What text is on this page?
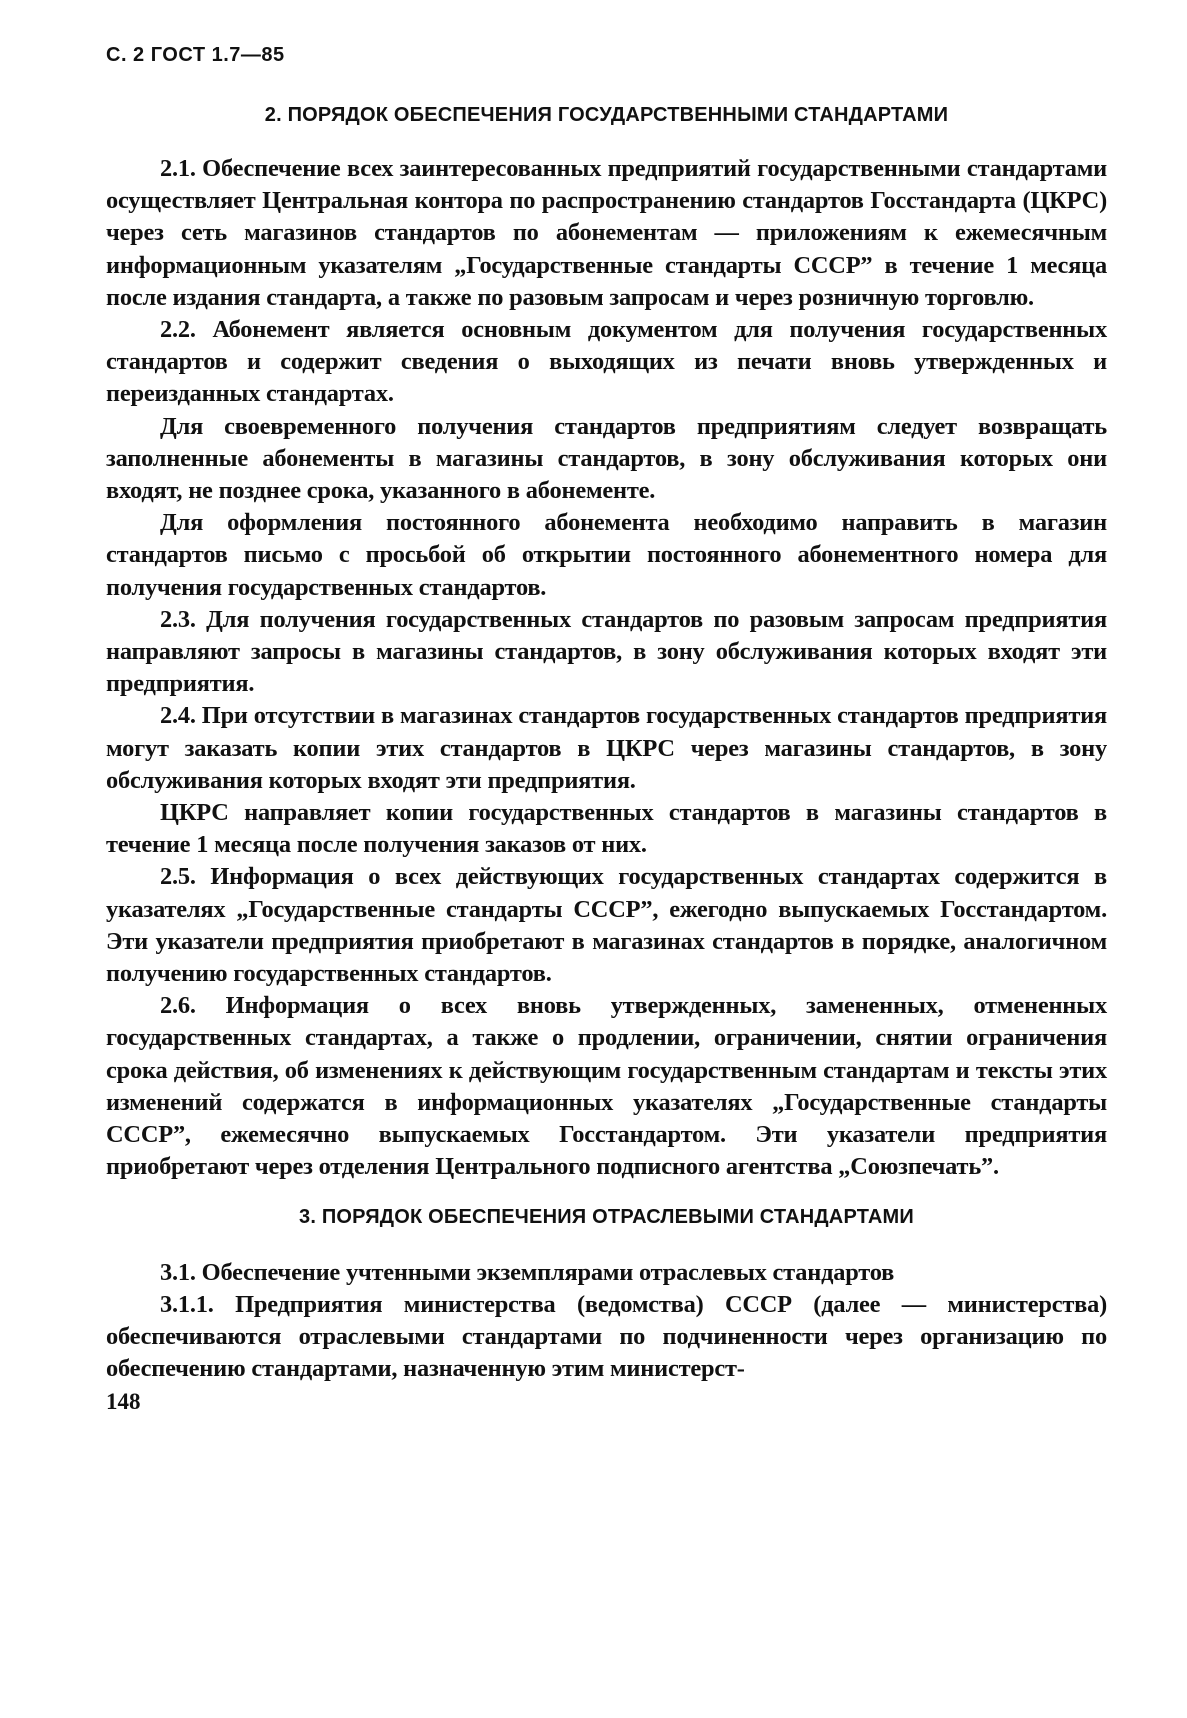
С. 2 ГОСТ 1.7—85
2. ПОРЯДОК ОБЕСПЕЧЕНИЯ ГОСУДАРСТВЕННЫМИ СТАНДАРТАМИ

2.1. Обеспечение всех заинтересованных предприятий государственными стандартами осуществляет Центральная контора по распространению стандартов Госстандарта (ЦКРС) через сеть магазинов стандартов по абонементам — приложениям к ежемесячным информационным указателям „Государственные стандарты СССР” в течение 1 месяца после издания стандарта, а также по разовым запросам и через розничную торговлю.

2.2. Абонемент является основным документом для получения государственных стандартов и содержит сведения о выходящих из печати вновь утвержденных и переизданных стандартах.

Для своевременного получения стандартов предприятиям следует возвращать заполненные абонементы в магазины стандартов, в зону обслуживания которых они входят, не позднее срока, указанного в абонементе.

Для оформления постоянного абонемента необходимо направить в магазин стандартов письмо с просьбой об открытии постоянного абонементного номера для получения государственных стандартов.

2.3. Для получения государственных стандартов по разовым запросам предприятия направляют запросы в магазины стандартов, в зону обслуживания которых входят эти предприятия.

2.4. При отсутствии в магазинах стандартов государственных стандартов предприятия могут заказать копии этих стандартов в ЦКРС через магазины стандартов, в зону обслуживания которых входят эти предприятия.

ЦКРС направляет копии государственных стандартов в магазины стандартов в течение 1 месяца после получения заказов от них.

2.5. Информация о всех действующих государственных стандартах содержится в указателях „Государственные стандарты СССР”, ежегодно выпускаемых Госстандартом. Эти указатели предприятия приобретают в магазинах стандартов в порядке, аналогичном получению государственных стандартов.

2.6. Информация о всех вновь утвержденных, замененных, отмененных государственных стандартах, а также о продлении, ограничении, снятии ограничения срока действия, об изменениях к действующим государственным стандартам и тексты этих изменений содержатся в информационных указателях „Государственные стандарты СССР”, ежемесячно выпускаемых Госстандартом. Эти указатели предприятия приобретают через отделения Центрального подписного агентства „Союзпечать”.

3. ПОРЯДОК ОБЕСПЕЧЕНИЯ ОТРАСЛЕВЫМИ СТАНДАРТАМИ

3.1. Обеспечение учтенными экземплярами отраслевых стандартов

3.1.1. Предприятия министерства (ведомства) СССР (далее — министерства) обеспечиваются отраслевыми стандартами по подчиненности через организацию по обеспечению стандартами, назначенную этим министерст-

148
